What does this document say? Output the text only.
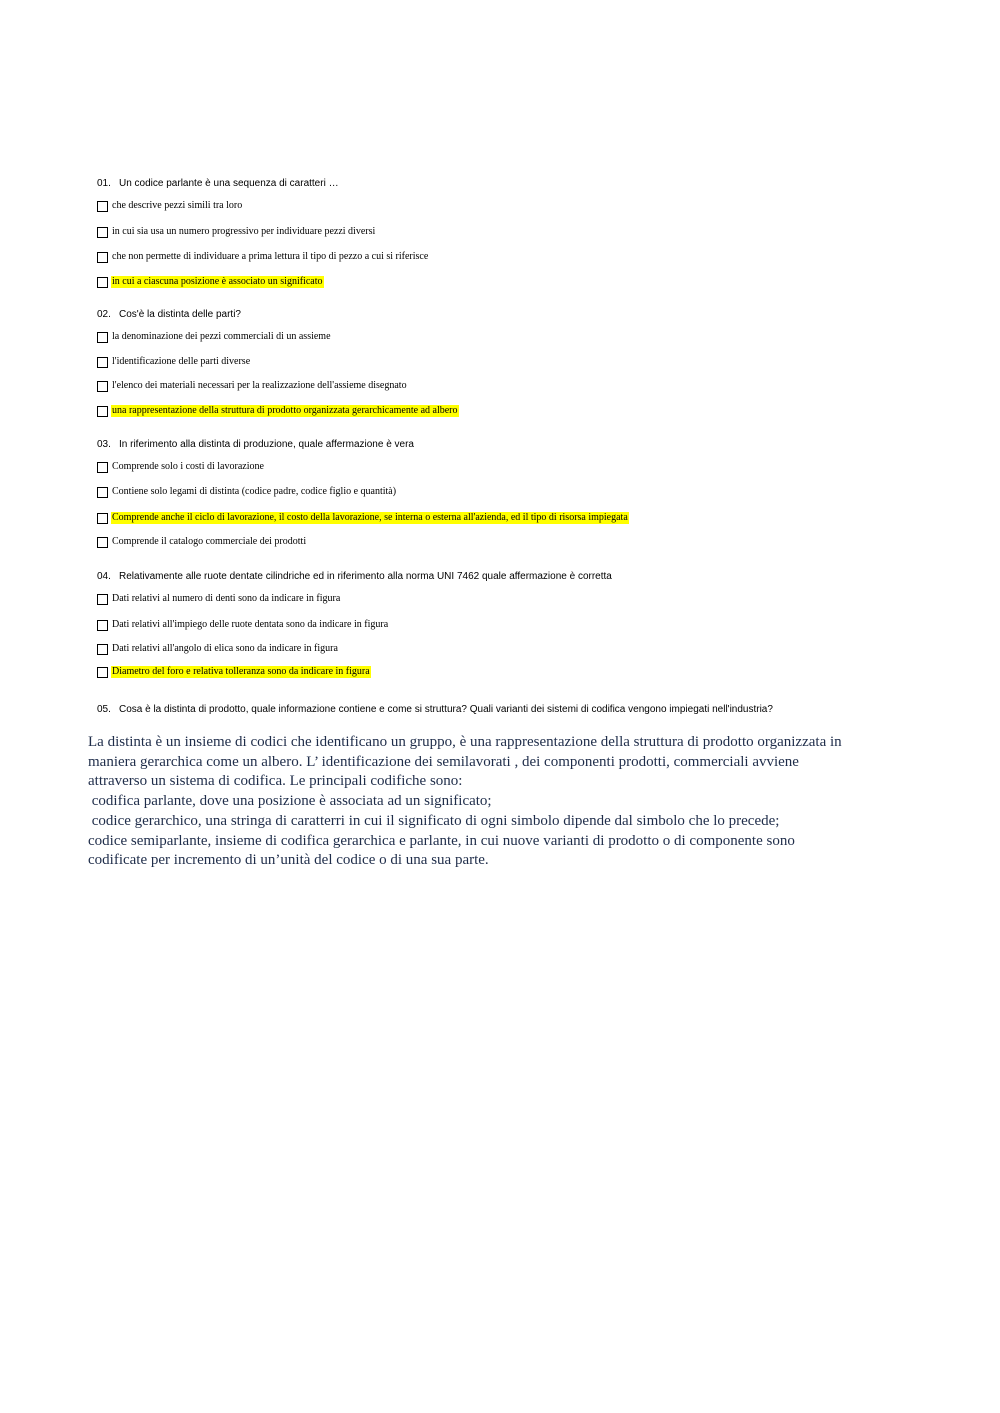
01. Un codice parlante è una sequenza di caratteri …
che descrive pezzi simili tra loro
in cui sia usa un numero progressivo per individuare pezzi diversi
che non permette di individuare a prima lettura il tipo di pezzo a cui si riferisce
in cui a ciascuna posizione è associato un significato
02. Cos'è la distinta delle parti?
la denominazione dei pezzi commerciali di un assieme
l'identificazione delle parti diverse
l'elenco dei materiali necessari per la realizzazione dell'assieme disegnato
una rappresentazione della struttura di prodotto organizzata gerarchicamente ad albero
03. In riferimento alla distinta di produzione, quale affermazione è vera
Comprende solo i costi di lavorazione
Contiene solo legami di distinta (codice padre, codice figlio e quantità)
Comprende anche il ciclo di lavorazione, il costo della lavorazione, se interna o esterna all'azienda, ed il tipo di risorsa impiegata
Comprende il catalogo commerciale dei prodotti
04. Relativamente alle ruote dentate cilindriche ed in riferimento alla norma UNI 7462 quale affermazione è corretta
Dati relativi al numero di denti sono da indicare in figura
Dati relativi all'impiego delle ruote dentata sono da indicare in figura
Dati relativi all'angolo di elica sono da indicare in figura
Diametro del foro e relativa tolleranza sono da indicare in figura
05. Cosa è la distinta di prodotto, quale informazione contiene e come si struttura? Quali varianti dei sistemi di codifica vengono impiegati nell'industria?

La distinta è un insieme di codici che identificano un gruppo, è una rappresentazione della struttura di prodotto organizzata in

maniera gerarchica come un albero. L’ identificazione dei semilavorati , dei componenti prodotti, commerciali avviene

attraverso un sistema di codifica. Le principali codifiche sono:

codifica parlante, dove una posizione è associata ad un significato;

codice gerarchico, una stringa di caratterri in cui il significato di ogni simbolo dipende dal simbolo che lo precede;

codice semiparlante, insieme di codifica gerarchica e parlante, in cui nuove varianti di prodotto o di componente sono

codificate per incremento di un’unità del codice o di una sua parte.
